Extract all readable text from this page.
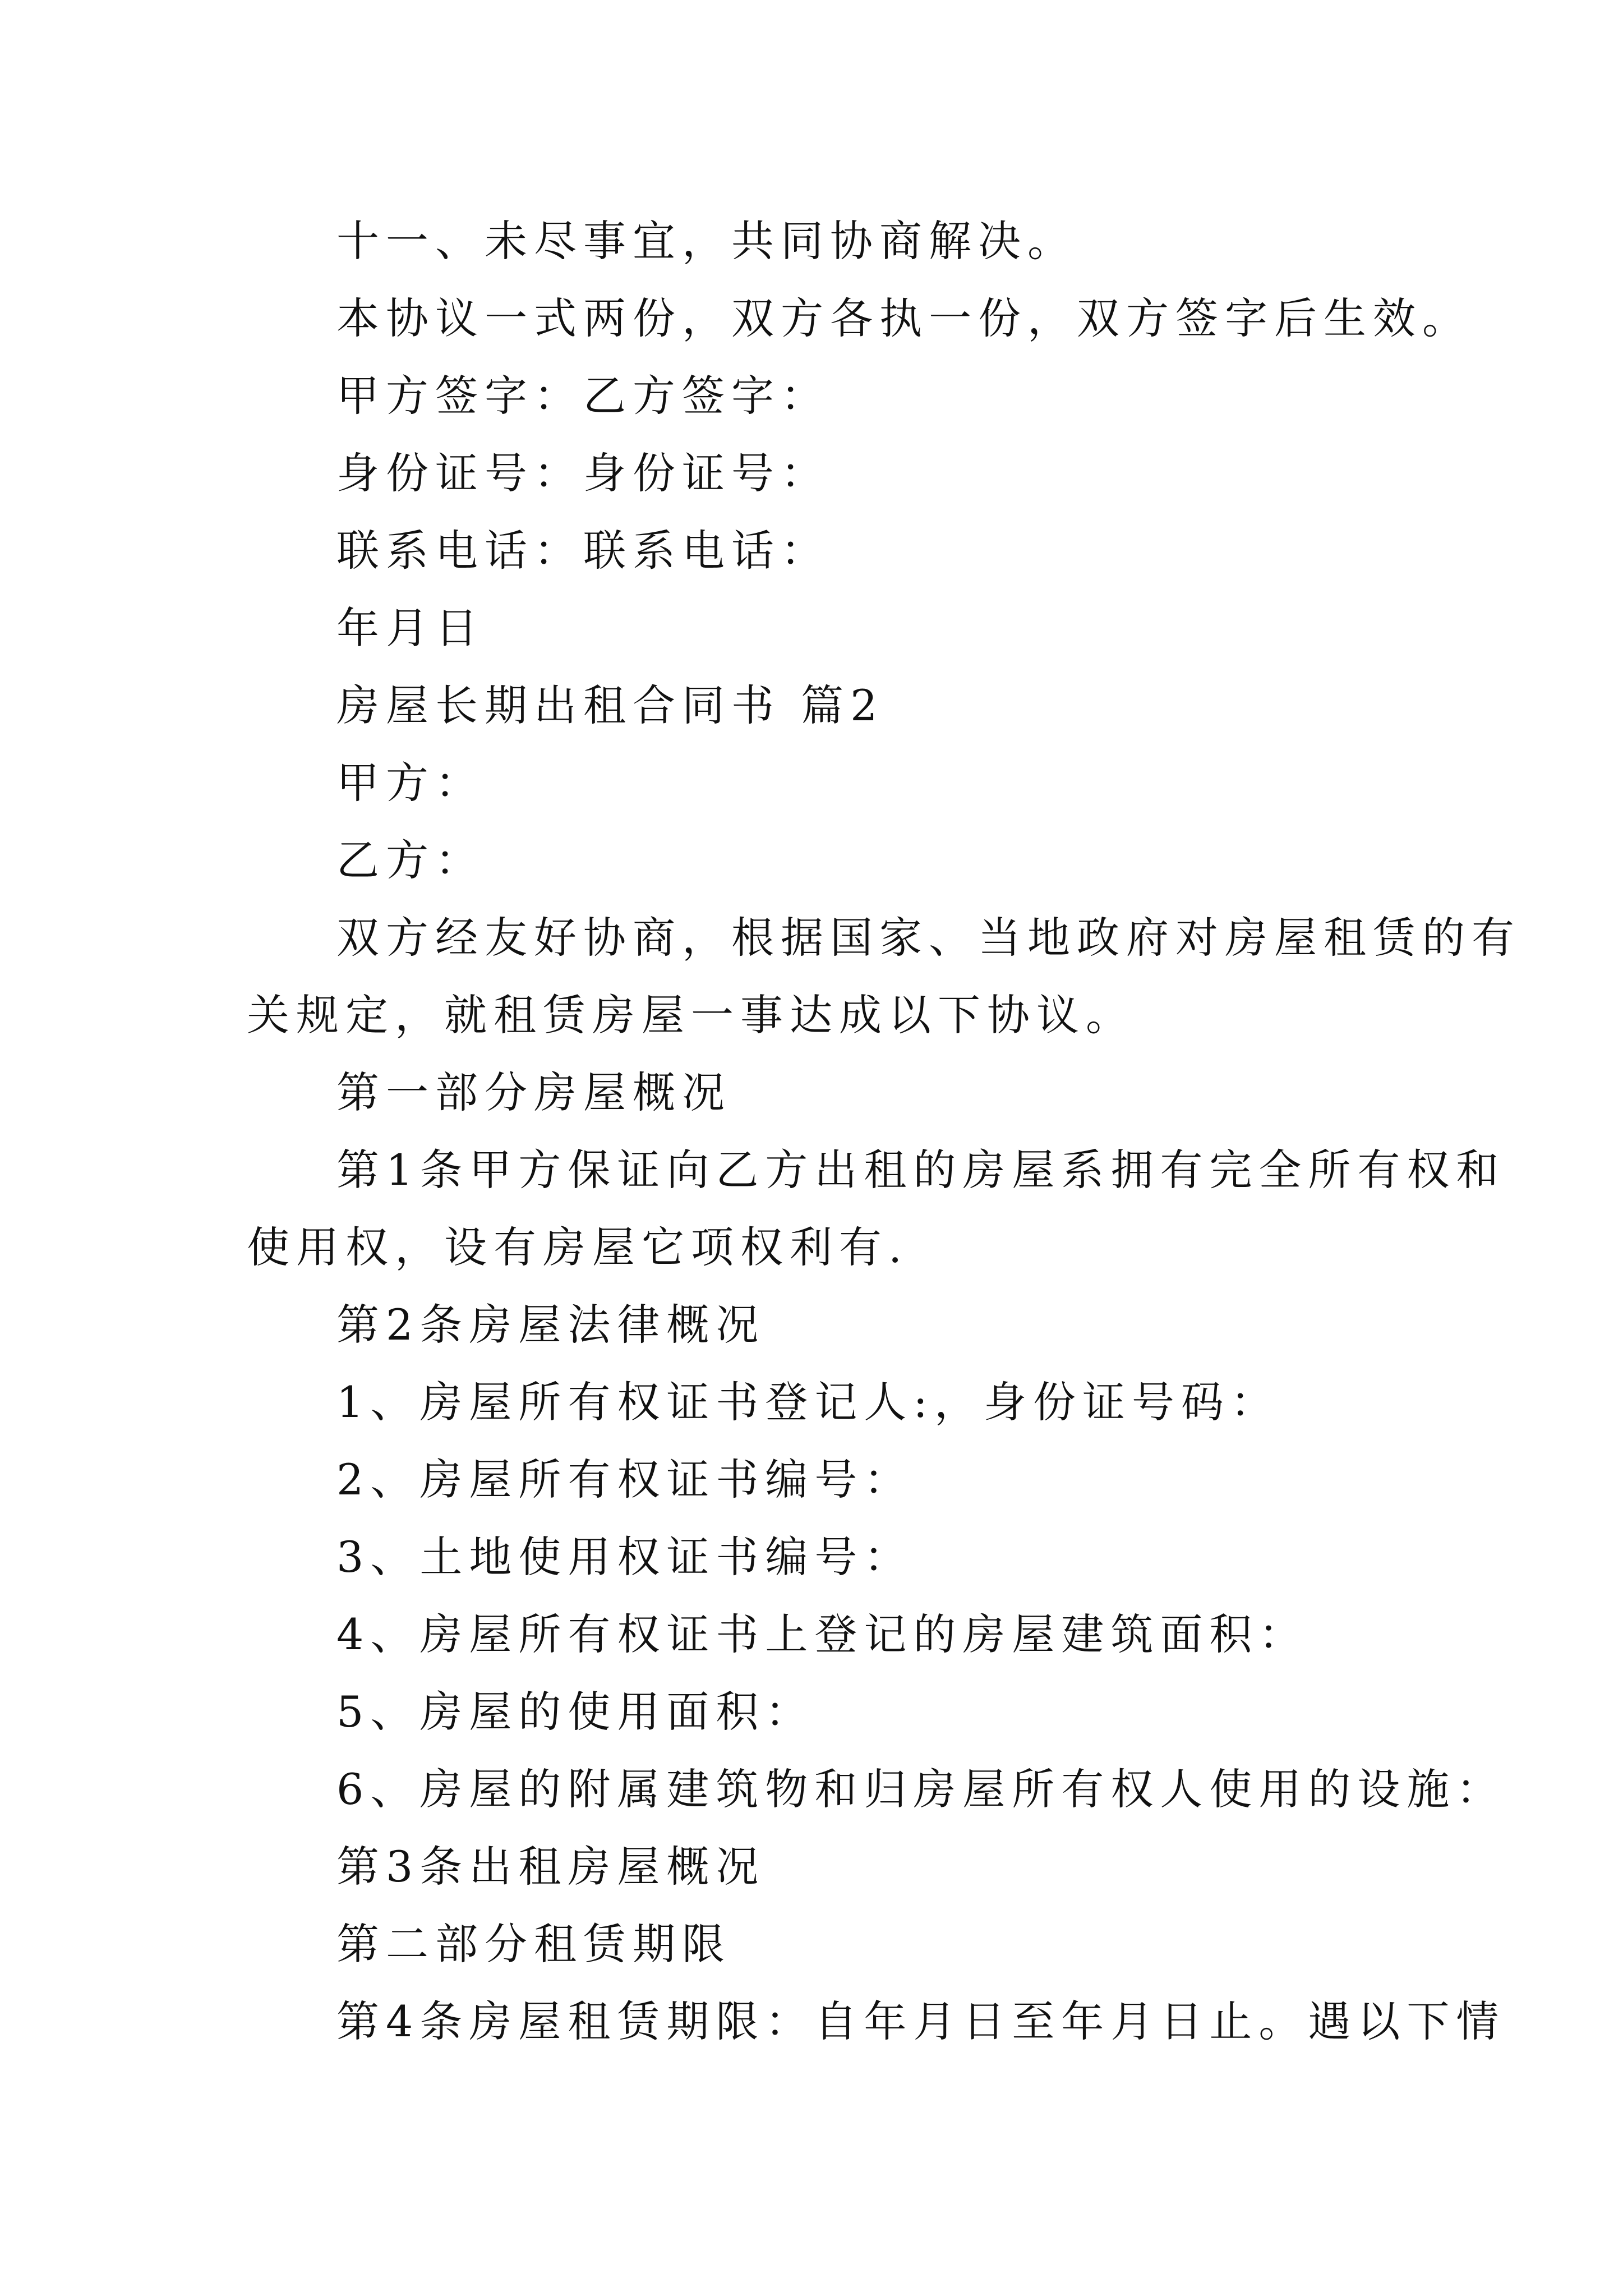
十一、未尽事宜，共同协商解决。
本协议一式两份，双方各执一份，双方签字后生效。
甲方签字：乙方签字：
身份证号：身份证号：
联系电话：联系电话：
年月日
房屋长期出租合同书 篇2
甲方：
乙方：
双方经友好协商，根据国家、当地政府对房屋租赁的有
关规定，就租赁房屋一事达成以下协议。
第一部分房屋概况
第1条甲方保证向乙方出租的房屋系拥有完全所有权和
使用权，设有房屋它项权利有.
第2条房屋法律概况
1、房屋所有权证书登记人:，身份证号码：
2、房屋所有权证书编号：
3、土地使用权证书编号：
4、房屋所有权证书上登记的房屋建筑面积：
5、房屋的使用面积：
6、房屋的附属建筑物和归房屋所有权人使用的设施：
第3条出租房屋概况
第二部分租赁期限
第4条房屋租赁期限：自年月日至年月日止。遇以下情
